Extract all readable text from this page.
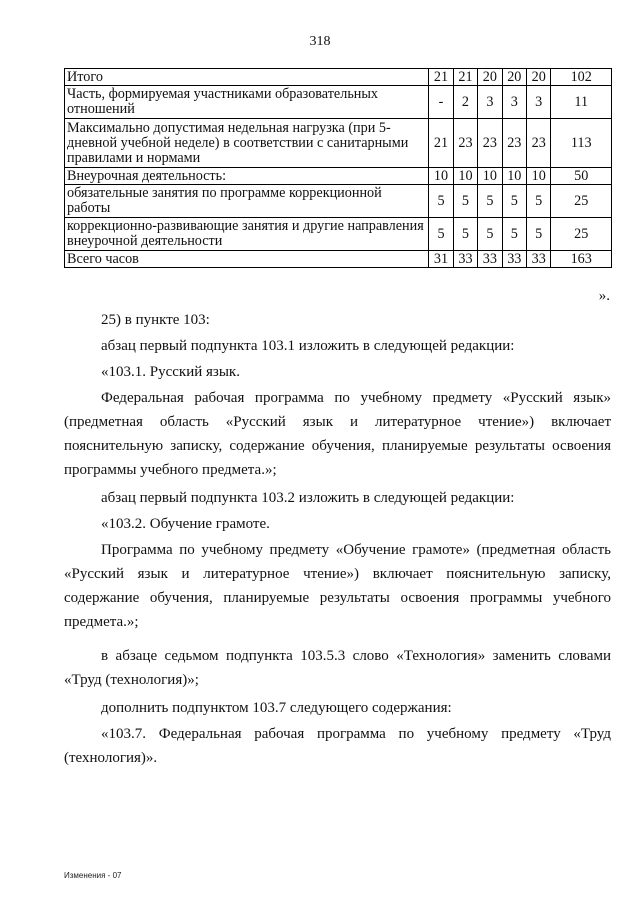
318
Итого	21	21	20	20	20	102
Часть, формируемая участниками образовательных отношений	-	2	3	3	3	11
Максимально допустимая недельная нагрузка (при 5-дневной учебной неделе) в соответствии с санитарными правилами и нормами	21	23	23	23	23	113
Внеурочная деятельность:	10	10	10	10	10	50
обязательные занятия по программе коррекционной работы	5	5	5	5	5	25
коррекционно-развивающие занятия и другие направления внеурочной деятельности	5	5	5	5	5	25
Всего часов	31	33	33	33	33	163
».

25) в пункте 103:

абзац первый подпункта 103.1 изложить в следующей редакции:

«103.1. Русский язык.

Федеральная рабочая программа по учебному предмету «Русский язык» (предметная область «Русский язык и литературное чтение») включает пояснительную записку, содержание обучения, планируемые результаты освоения программы учебного предмета.»;

абзац первый подпункта 103.2 изложить в следующей редакции:

«103.2. Обучение грамоте.

Программа по учебному предмету «Обучение грамоте» (предметная область «Русский язык и литературное чтение») включает пояснительную записку, содержание обучения, планируемые результаты освоения программы учебного предмета.»;

в абзаце седьмом подпункта 103.5.3 слово «Технология» заменить словами «Труд (технология)»;

дополнить подпунктом 103.7 следующего содержания:

«103.7. Федеральная рабочая программа по учебному предмету «Труд (технология)».

Изменения - 07
